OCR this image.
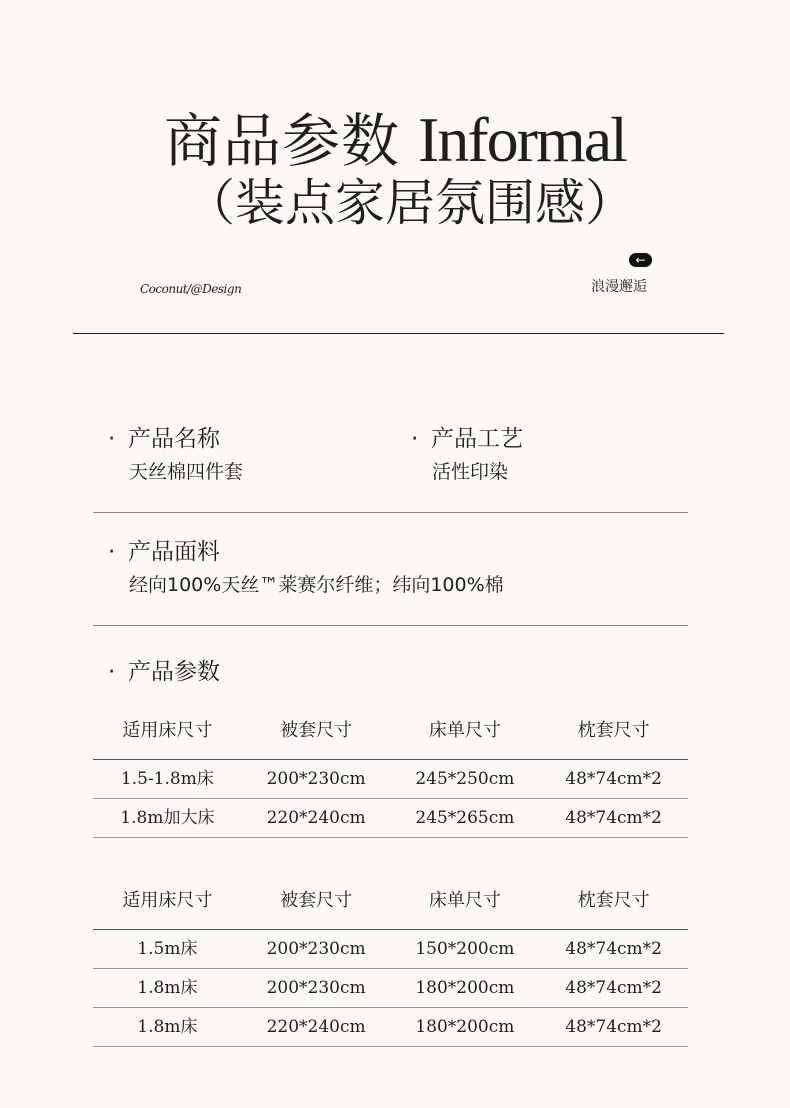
商品参数 Informal
（装点家居氛围感）
Coconut/@Design
←
浪漫邂逅
· 产品名称
天丝棉四件套
· 产品工艺
活性印染
· 产品面料
经向100%天丝™莱赛尔纤维；纬向100%棉
· 产品参数
适用床尺寸	被套尺寸	床单尺寸	枕套尺寸
1.5-1.8m床	200*230cm	245*250cm	48*74cm*2
1.8m加大床	220*240cm	245*265cm	48*74cm*2
适用床尺寸	被套尺寸	床单尺寸	枕套尺寸
1.5m床	200*230cm	150*200cm	48*74cm*2
1.8m床	200*230cm	180*200cm	48*74cm*2
1.8m床	220*240cm	180*200cm	48*74cm*2
